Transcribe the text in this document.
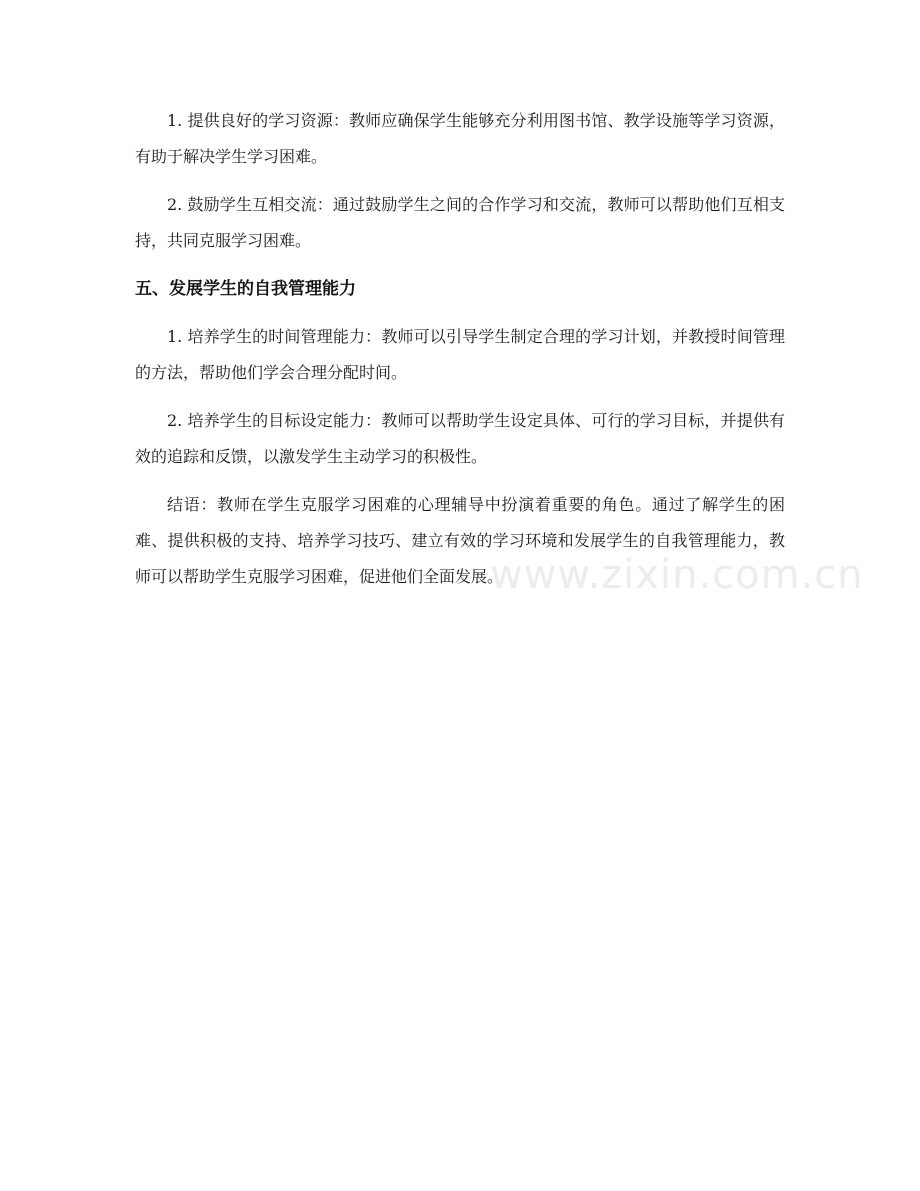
1. 提供良好的学习资源：教师应确保学生能够充分利用图书馆、教学设施等学习资源，有助于解决学生学习困难。

2. 鼓励学生互相交流：通过鼓励学生之间的合作学习和交流，教师可以帮助他们互相支持，共同克服学习困难。

五、发展学生的自我管理能力

1. 培养学生的时间管理能力：教师可以引导学生制定合理的学习计划，并教授时间管理的方法，帮助他们学会合理分配时间。

2. 培养学生的目标设定能力：教师可以帮助学生设定具体、可行的学习目标，并提供有效的追踪和反馈，以激发学生主动学习的积极性。

结语：教师在学生克服学习困难的心理辅导中扮演着重要的角色。通过了解学生的困难、提供积极的支持、培养学习技巧、建立有效的学习环境和发展学生的自我管理能力，教师可以帮助学生克服学习困难，促进他们全面发展。

www.zixin.com.cn
